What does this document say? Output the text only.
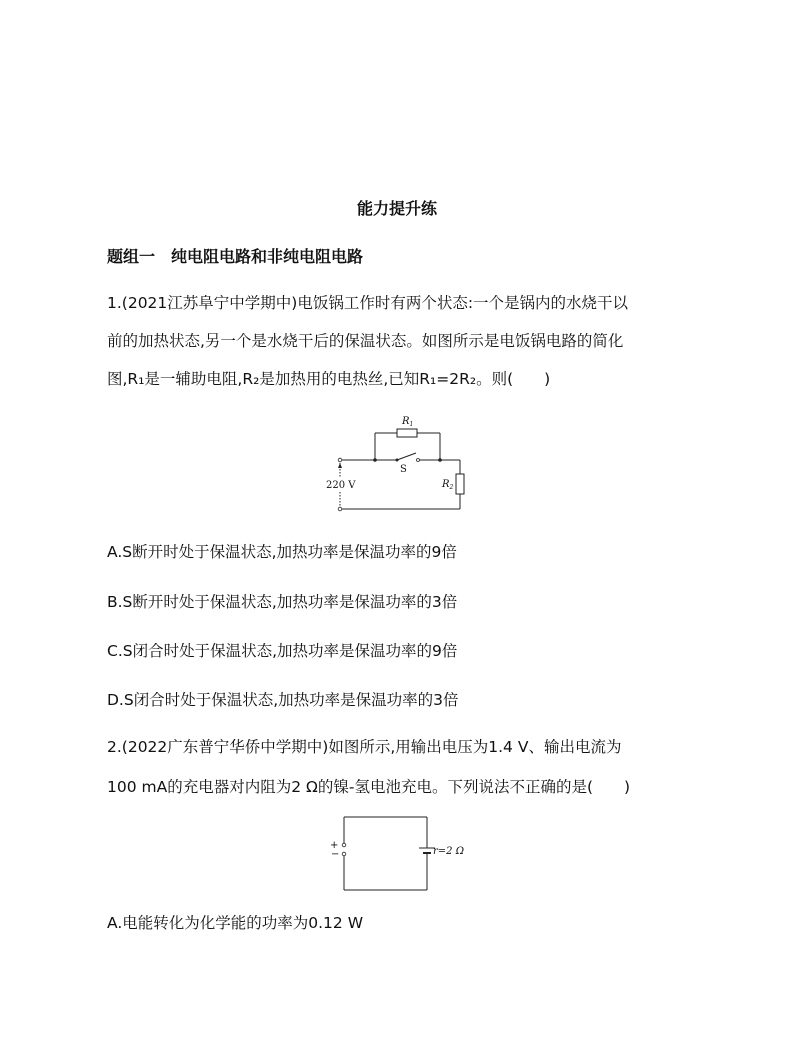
能力提升练
题组一　纯电阻电路和非纯电阻电路
1.(2021江苏阜宁中学期中)电饭锅工作时有两个状态:一个是锅内的水烧干以
前的加热状态,另一个是水烧干后的保温状态。如图所示是电饭锅电路的简化
图,R₁是一辅助电阻,R₂是加热用的电热丝,已知R₁=2R₂。则(　　)
220 V
$R_1$
S
$R_2$
A.S断开时处于保温状态,加热功率是保温功率的9倍
B.S断开时处于保温状态,加热功率是保温功率的3倍
C.S闭合时处于保温状态,加热功率是保温功率的9倍
D.S闭合时处于保温状态,加热功率是保温功率的3倍
2.(2022广东普宁华侨中学期中)如图所示,用输出电压为1.4 V、输出电流为
100 mA的充电器对内阻为2 Ω的镍-氢电池充电。下列说法不正确的是(　　)
+
−	r=2 Ω
A.电能转化为化学能的功率为0.12 W
